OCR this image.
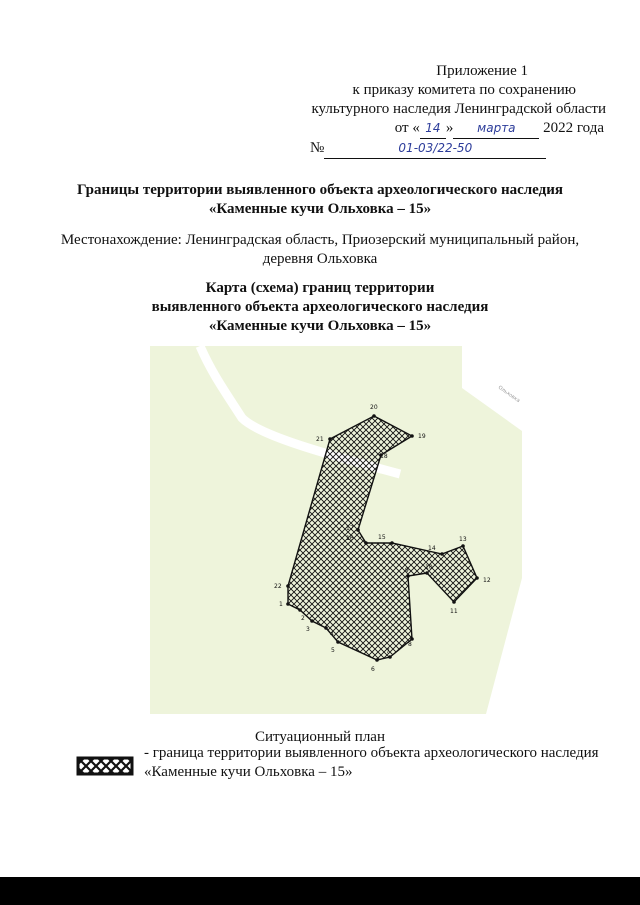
Приложение 1
к приказу комитета по сохранению
культурного наследия Ленинградской области
от « 14 » марта 2022 года
№	01-03/22-50
Границы территории выявленного объекта археологического наследия
«Каменные кучи Ольховка – 15»
Местонахождение: Ленинградская область, Приозерский муниципальный район,
деревня Ольховка
Карта (схема) границ территории
выявленного объекта археологического наследия
«Каменные кучи Ольховка – 15»
Ольховка
1
2
3
4
5
6
7
8
9	10
11
12
13
14
15
16
17
18
19
20
21
22
Ситуационный план
- граница территории выявленного объекта археологического наследия
«Каменные кучи Ольховка – 15»
